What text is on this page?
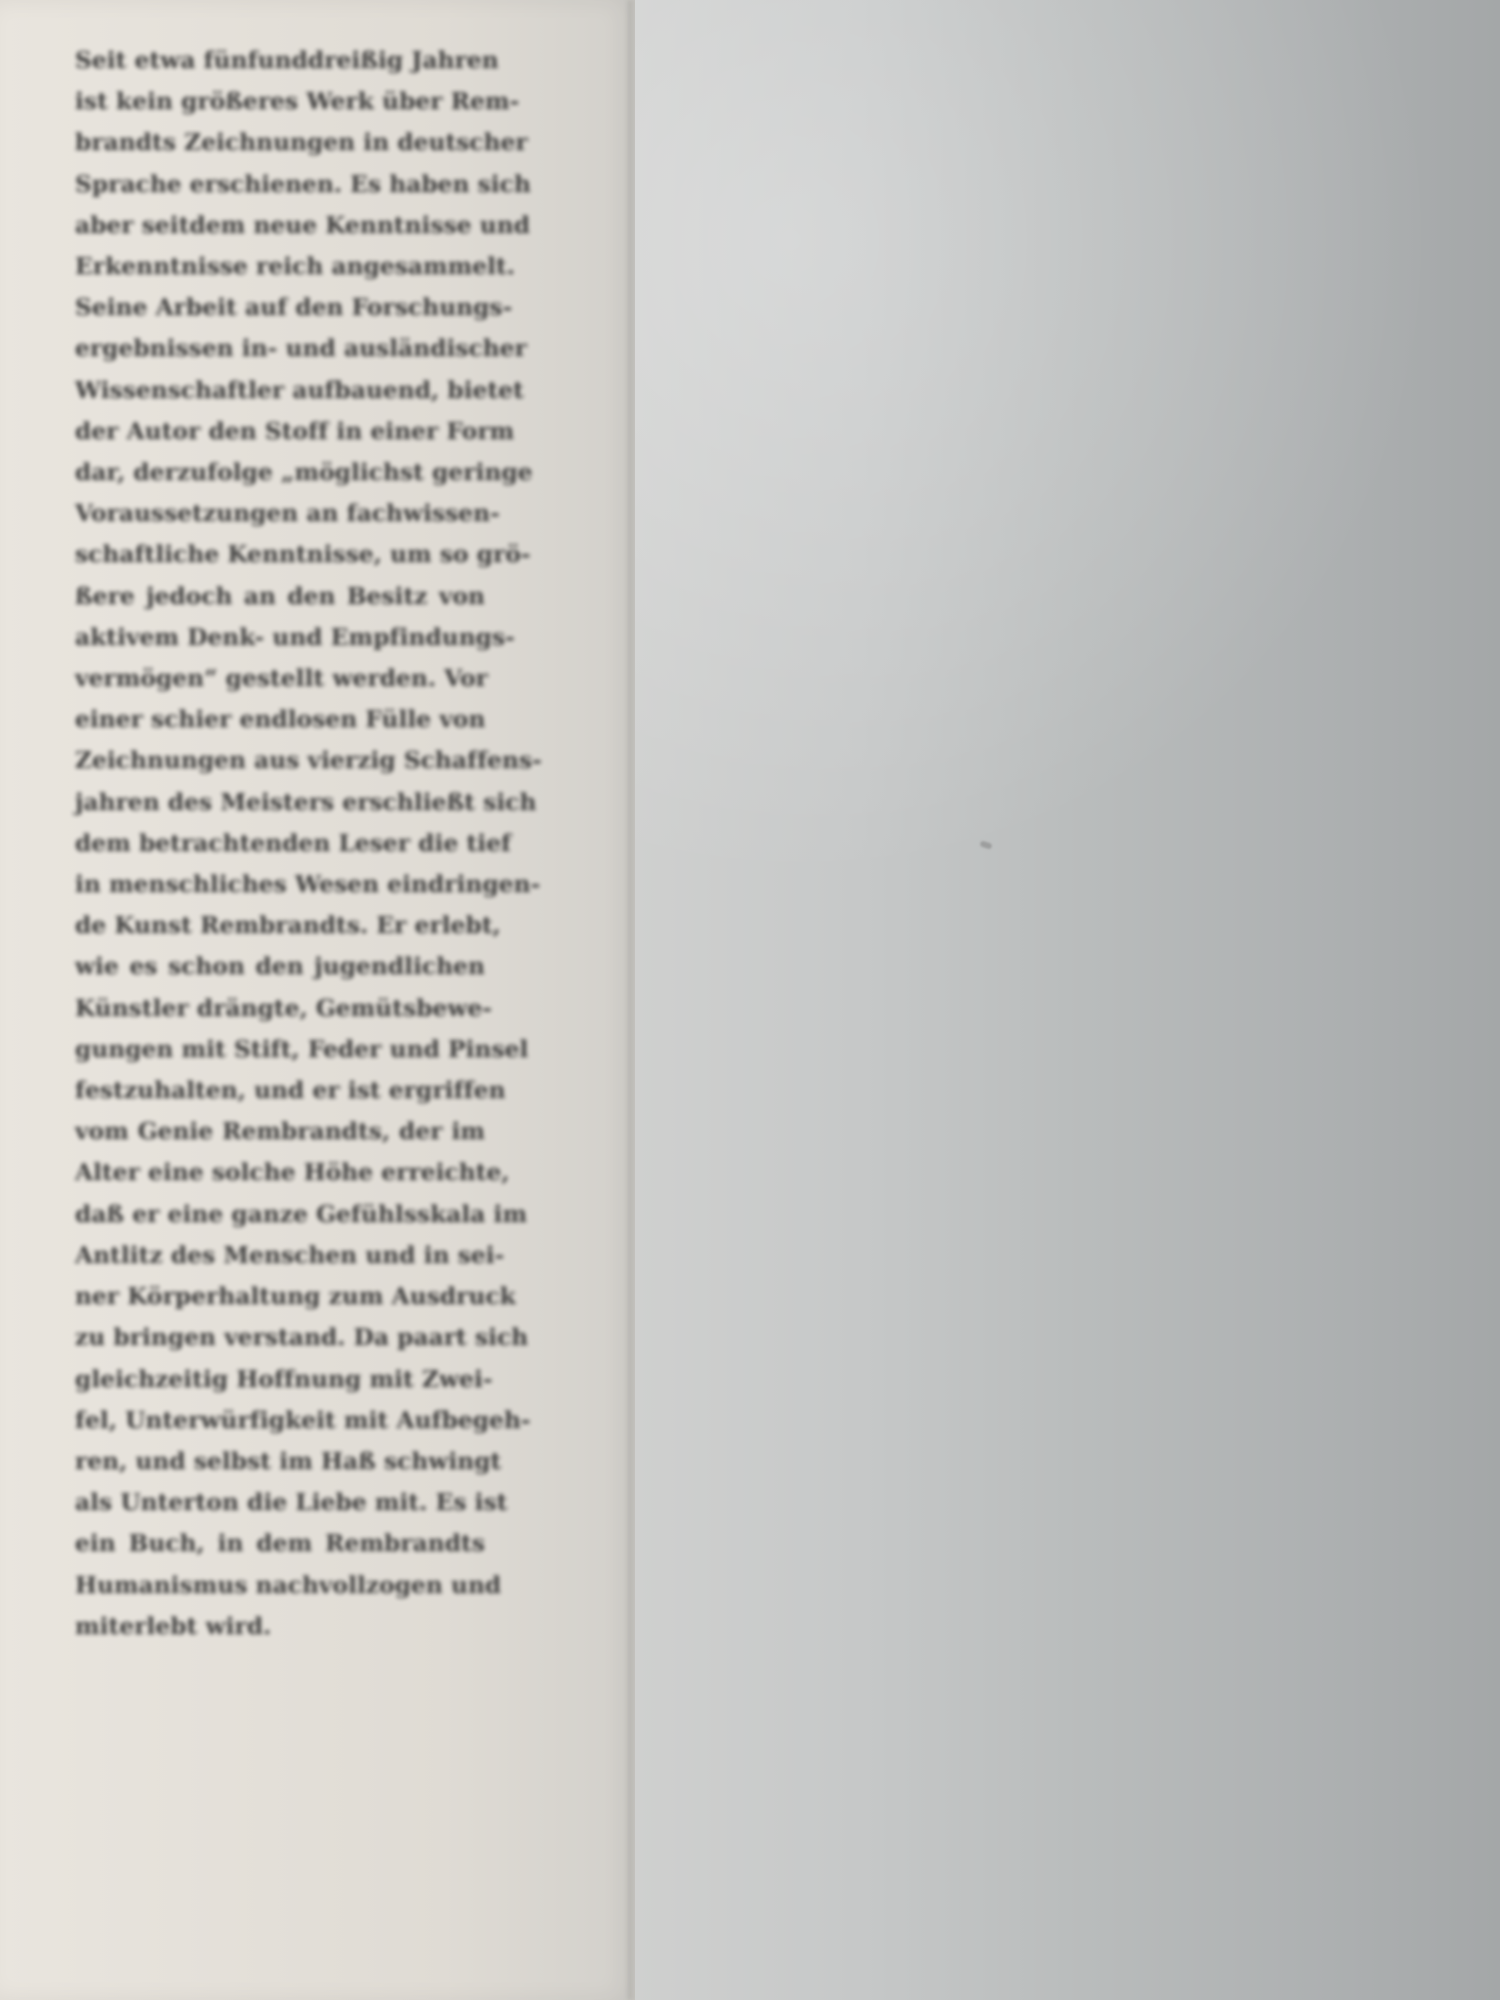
Seit etwa fünfunddreißig Jahren
ist kein größeres Werk über Rem-
brandts Zeichnungen in deutscher
Sprache erschienen. Es haben sich
aber seitdem neue Kenntnisse und
Erkenntnisse reich angesammelt.
Seine Arbeit auf den Forschungs-
ergebnissen in- und ausländischer
Wissenschaftler aufbauend, bietet
der Autor den Stoff in einer Form
dar, derzufolge „möglichst geringe
Voraussetzungen an fachwissen-
schaftliche Kenntnisse, um so grö-
ßere jedoch an den Besitz von
aktivem Denk- und Empfindungs-
vermögen“ gestellt werden. Vor
einer schier endlosen Fülle von
Zeichnungen aus vierzig Schaffens-
jahren des Meisters erschließt sich
dem betrachtenden Leser die tief
in menschliches Wesen eindringen-
de Kunst Rembrandts. Er erlebt,
wie es schon den jugendlichen
Künstler drängte, Gemütsbewe-
gungen mit Stift, Feder und Pinsel
festzuhalten, und er ist ergriffen
vom Genie Rembrandts, der im
Alter eine solche Höhe erreichte,
daß er eine ganze Gefühlsskala im
Antlitz des Menschen und in sei-
ner Körperhaltung zum Ausdruck
zu bringen verstand. Da paart sich
gleichzeitig Hoffnung mit Zwei-
fel, Unterwürfigkeit mit Aufbegeh-
ren, und selbst im Haß schwingt
als Unterton die Liebe mit. Es ist
ein Buch, in dem Rembrandts
Humanismus nachvollzogen und
miterlebt wird.
